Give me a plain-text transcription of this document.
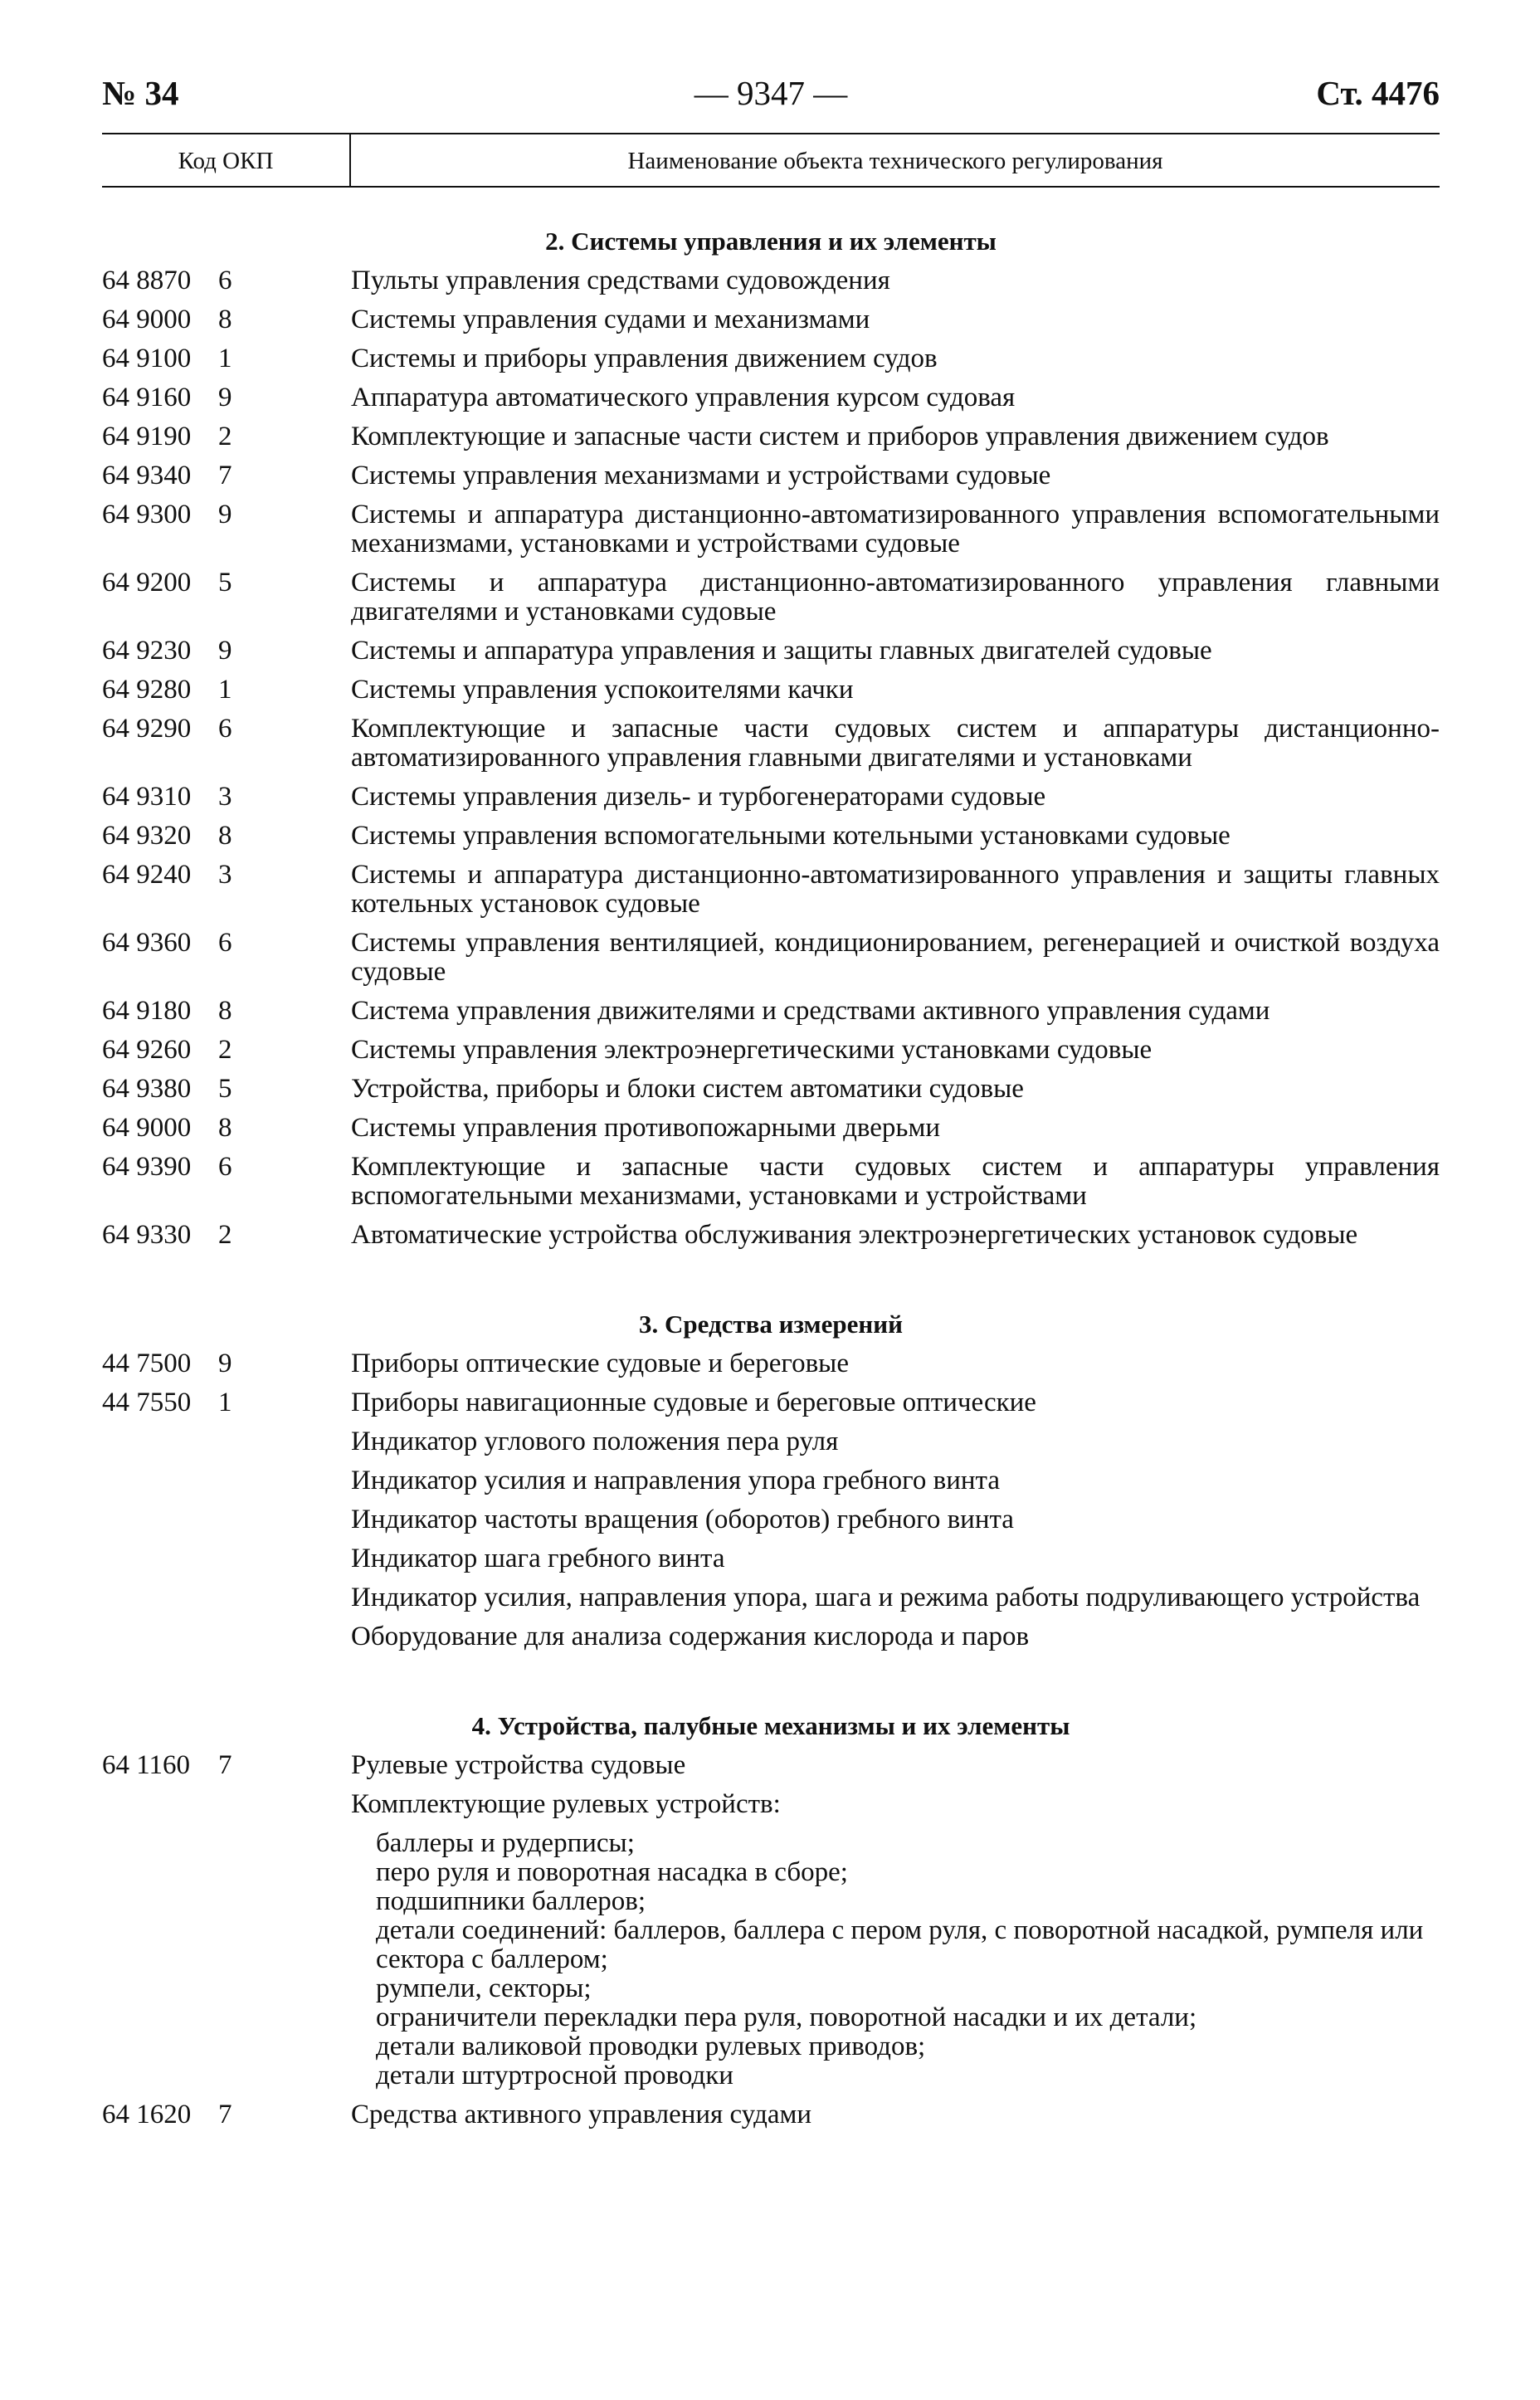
№ 34	— 9347 —	Ст. 4476
Код ОКП	Наименование объекта технического регулирования
2. Системы управления и их элементы
64 8870 6	Пульты управления средствами судовождения
64 9000 8	Системы управления судами и механизмами
64 9100 1	Системы и приборы управления движением судов
64 9160 9	Аппаратура автоматического управления курсом судовая
64 9190 2	Комплектующие и запасные части систем и приборов управления движением судов
64 9340 7	Системы управления механизмами и устройствами судовые
64 9300 9	Системы и аппаратура дистанционно-автоматизированного управления вспомогательными механизмами, установками и устройствами судовые
64 9200 5	Системы и аппаратура дистанционно-автоматизированного управления главными двигателями и установками судовые
64 9230 9	Системы и аппаратура управления и защиты главных двигателей судовые
64 9280 1	Системы управления успокоителями качки
64 9290 6	Комплектующие и запасные части судовых систем и аппаратуры дистанционно-автоматизированного управления главными двигателями и установками
64 9310 3	Системы управления дизель- и турбогенераторами судовые
64 9320 8	Системы управления вспомогательными котельными установками судовые
64 9240 3	Системы и аппаратура дистанционно-автоматизированного управления и защиты главных котельных установок судовые
64 9360 6	Системы управления вентиляцией, кондиционированием, регенерацией и очисткой воздуха судовые
64 9180 8	Система управления движителями и средствами активного управления судами
64 9260 2	Системы управления электроэнергетическими установками судовые
64 9380 5	Устройства, приборы и блоки систем автоматики судовые
64 9000 8	Системы управления противопожарными дверьми
64 9390 6	Комплектующие и запасные части судовых систем и аппаратуры управления вспомогательными механизмами, установками и устройствами
64 9330 2	Автоматические устройства обслуживания электроэнергетических установок судовые
3. Средства измерений
44 7500 9	Приборы оптические судовые и береговые
44 7550 1	Приборы навигационные судовые и береговые оптические
Индикатор углового положения пера руля
Индикатор усилия и направления упора гребного винта
Индикатор частоты вращения (оборотов) гребного винта
Индикатор шага гребного винта
Индикатор усилия, направления упора, шага и режима работы подруливающего устройства
Оборудование для анализа содержания кислорода и паров
4. Устройства, палубные механизмы и их элементы
64 1160 7	Рулевые устройства судовые
Комплектующие рулевых устройств:
баллеры и рудерписы;
перо руля и поворотная насадка в сборе;
подшипники баллеров;
детали соединений: баллеров, баллера с пером руля, с поворотной насадкой, румпеля или сектора с баллером;
румпели, секторы;
ограничители перекладки пера руля, поворотной насадки и их детали;
детали валиковой проводки рулевых приводов;
детали штуртросной проводки
64 1620 7	Средства активного управления судами
